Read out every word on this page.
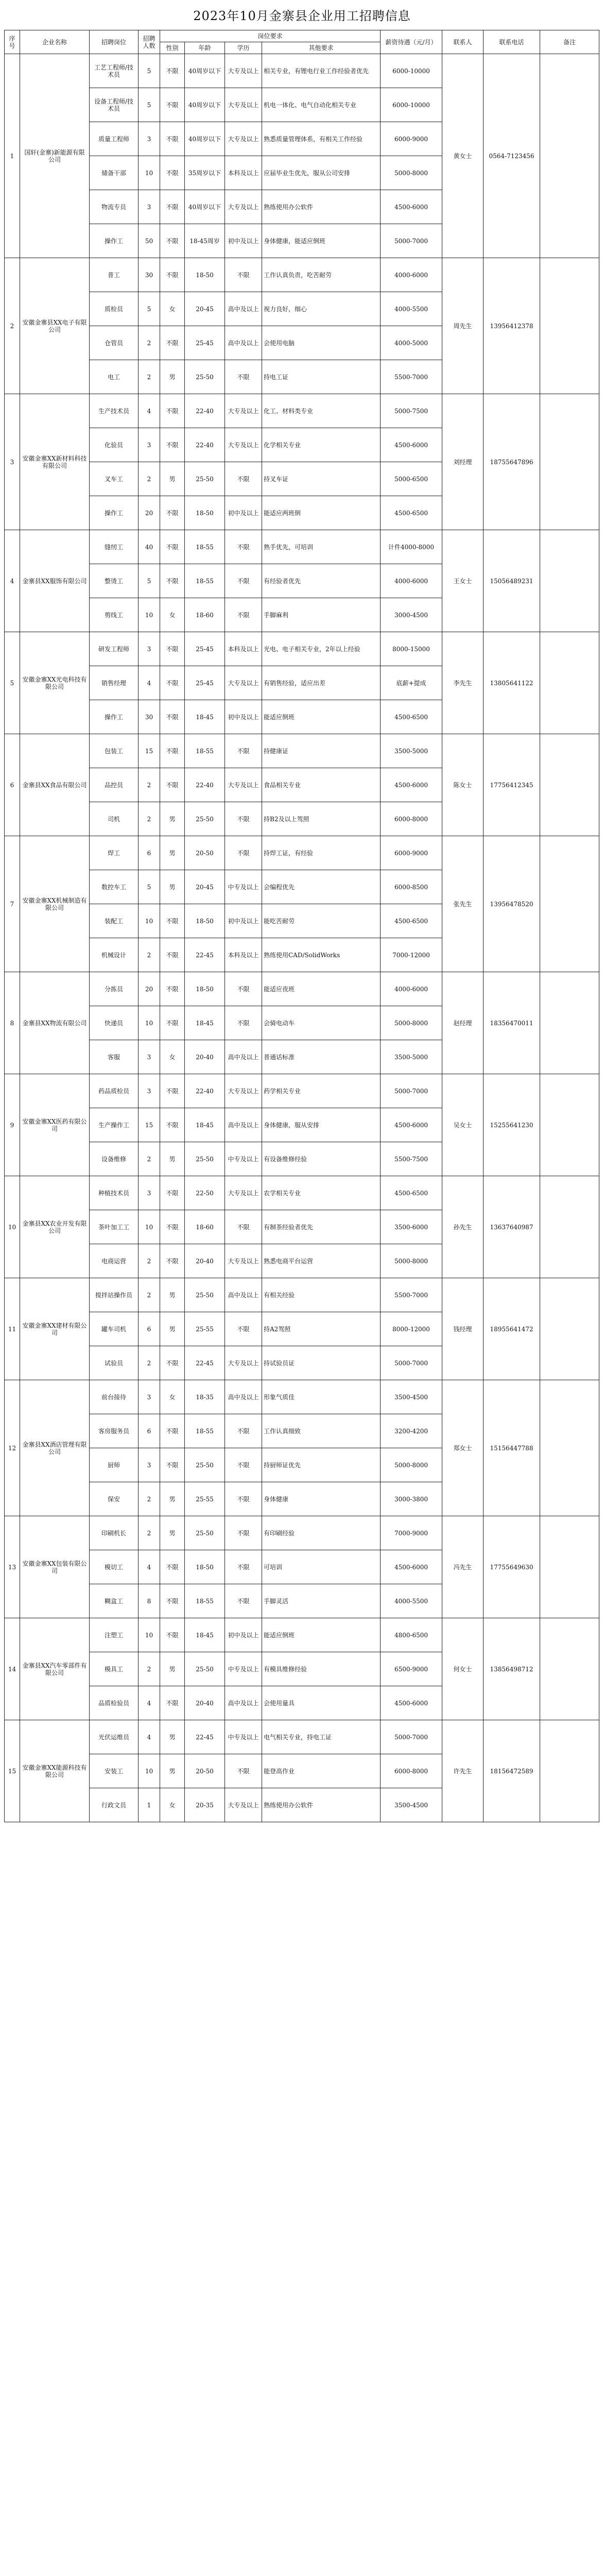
2023年10月金寨县企业用工招聘信息
序号	企业名称	招聘岗位	招聘人数	岗位要求				薪资待遇（元/月）	联系人	联系电话	备注
				性别	年龄	学历	其他要求				
1	国轩(金寨)新能源有限公司	工艺工程师/技术员	5	不限	40周岁以下	大专及以上	相关专业，有锂电行业工作经验者优先	6000-10000	黄女士	0564-7123456	
		设备工程师/技术员	5	不限	40周岁以下	大专及以上	机电一体化、电气自动化相关专业	6000-10000			
		质量工程师	3	不限	40周岁以下	大专及以上	熟悉质量管理体系，有相关工作经验	6000-9000			
		储备干部	10	不限	35周岁以下	本科及以上	应届毕业生优先，服从公司安排	5000-8000			
		物流专员	3	不限	40周岁以下	大专及以上	熟练使用办公软件	4500-6000			
		操作工	50	不限	18-45周岁	初中及以上	身体健康，能适应倒班	5000-7000			
2	安徽金寨县XX电子有限公司	普工	30	不限	18-50	不限	工作认真负责，吃苦耐劳	4000-6000	周先生	13956412378	
		质检员	5	女	20-45	高中及以上	视力良好，细心	4000-5500			
		仓管员	2	不限	25-45	高中及以上	会使用电脑	4000-5000			
		电工	2	男	25-50	不限	持电工证	5500-7000			
3	安徽金寨XX新材料科技有限公司	生产技术员	4	不限	22-40	大专及以上	化工、材料类专业	5000-7500	刘经理	18755647896	
		化验员	3	不限	22-40	大专及以上	化学相关专业	4500-6000			
		叉车工	2	男	25-50	不限	持叉车证	5000-6500			
		操作工	20	不限	18-50	初中及以上	能适应两班倒	4500-6500			
4	金寨县XX服饰有限公司	缝纫工	40	不限	18-55	不限	熟手优先，可培训	计件4000-8000	王女士	15056489231	
		整烫工	5	不限	18-55	不限	有经验者优先	4000-6000			
		剪线工	10	女	18-60	不限	手脚麻利	3000-4500			
5	安徽金寨XX光电科技有限公司	研发工程师	3	不限	25-45	本科及以上	光电、电子相关专业，2年以上经验	8000-15000	李先生	13805641122	
		销售经理	4	不限	25-45	大专及以上	有销售经验，适应出差	底薪+提成			
		操作工	30	不限	18-45	初中及以上	能适应倒班	4500-6500			
6	金寨县XX食品有限公司	包装工	15	不限	18-55	不限	持健康证	3500-5000	陈女士	17756412345	
		品控员	2	不限	22-40	大专及以上	食品相关专业	4500-6000			
		司机	2	男	25-50	不限	持B2及以上驾照	6000-8000			
7	安徽金寨XX机械制造有限公司	焊工	6	男	20-50	不限	持焊工证，有经验	6000-9000	张先生	13956478520	
		数控车工	5	男	20-45	中专及以上	会编程优先	6000-8500			
		装配工	10	不限	18-50	初中及以上	能吃苦耐劳	4500-6500			
		机械设计	2	不限	22-45	本科及以上	熟练使用CAD/SolidWorks	7000-12000			
8	金寨县XX物流有限公司	分拣员	20	不限	18-50	不限	能适应夜班	4000-6000	赵经理	18356470011	
		快递员	10	不限	18-45	不限	会骑电动车	5000-8000			
		客服	3	女	20-40	高中及以上	普通话标准	3500-5000			
9	安徽金寨XX医药有限公司	药品质检员	3	不限	22-40	大专及以上	药学相关专业	5000-7000	吴女士	15255641230	
		生产操作工	15	不限	18-45	高中及以上	身体健康，服从安排	4500-6000			
		设备维修	2	男	25-50	中专及以上	有设备维修经验	5500-7500			
10	金寨县XX农业开发有限公司	种植技术员	3	不限	22-50	大专及以上	农学相关专业	4500-6500	孙先生	13637640987	
		茶叶加工工	10	不限	18-60	不限	有制茶经验者优先	3500-6000			
		电商运营	2	不限	20-40	大专及以上	熟悉电商平台运营	5000-8000			
11	安徽金寨XX建材有限公司	搅拌站操作员	2	男	25-50	高中及以上	有相关经验	5500-7000	钱经理	18955641472	
		罐车司机	6	男	25-55	不限	持A2驾照	8000-12000			
		试验员	2	不限	22-45	大专及以上	持试验员证	5000-7000			
12	金寨县XX酒店管理有限公司	前台接待	3	女	18-35	高中及以上	形象气质佳	3500-4500	郑女士	15156447788	
		客房服务员	6	不限	18-55	不限	工作认真细致	3200-4200			
		厨师	3	不限	25-50	不限	持厨师证优先	5000-8000			
		保安	2	男	25-55	不限	身体健康	3000-3800			
13	安徽金寨XX包装有限公司	印刷机长	2	男	25-50	不限	有印刷经验	7000-9000	冯先生	17755649630	
		模切工	4	不限	18-50	不限	可培训	4500-6000			
		糊盒工	8	不限	18-55	不限	手脚灵活	4000-5500			
14	金寨县XX汽车零部件有限公司	注塑工	10	不限	18-45	初中及以上	能适应倒班	4800-6500	何女士	13856498712	
		模具工	2	男	25-50	中专及以上	有模具维修经验	6500-9000			
		品质检验员	4	不限	20-40	高中及以上	会使用量具	4500-6000			
15	安徽金寨XX能源科技有限公司	光伏运维员	4	男	22-45	中专及以上	电气相关专业，持电工证	5000-7000	许先生	18156472589	
		安装工	10	男	20-50	不限	能登高作业	6000-8000			
		行政文员	1	女	20-35	大专及以上	熟练使用办公软件	3500-4500			
